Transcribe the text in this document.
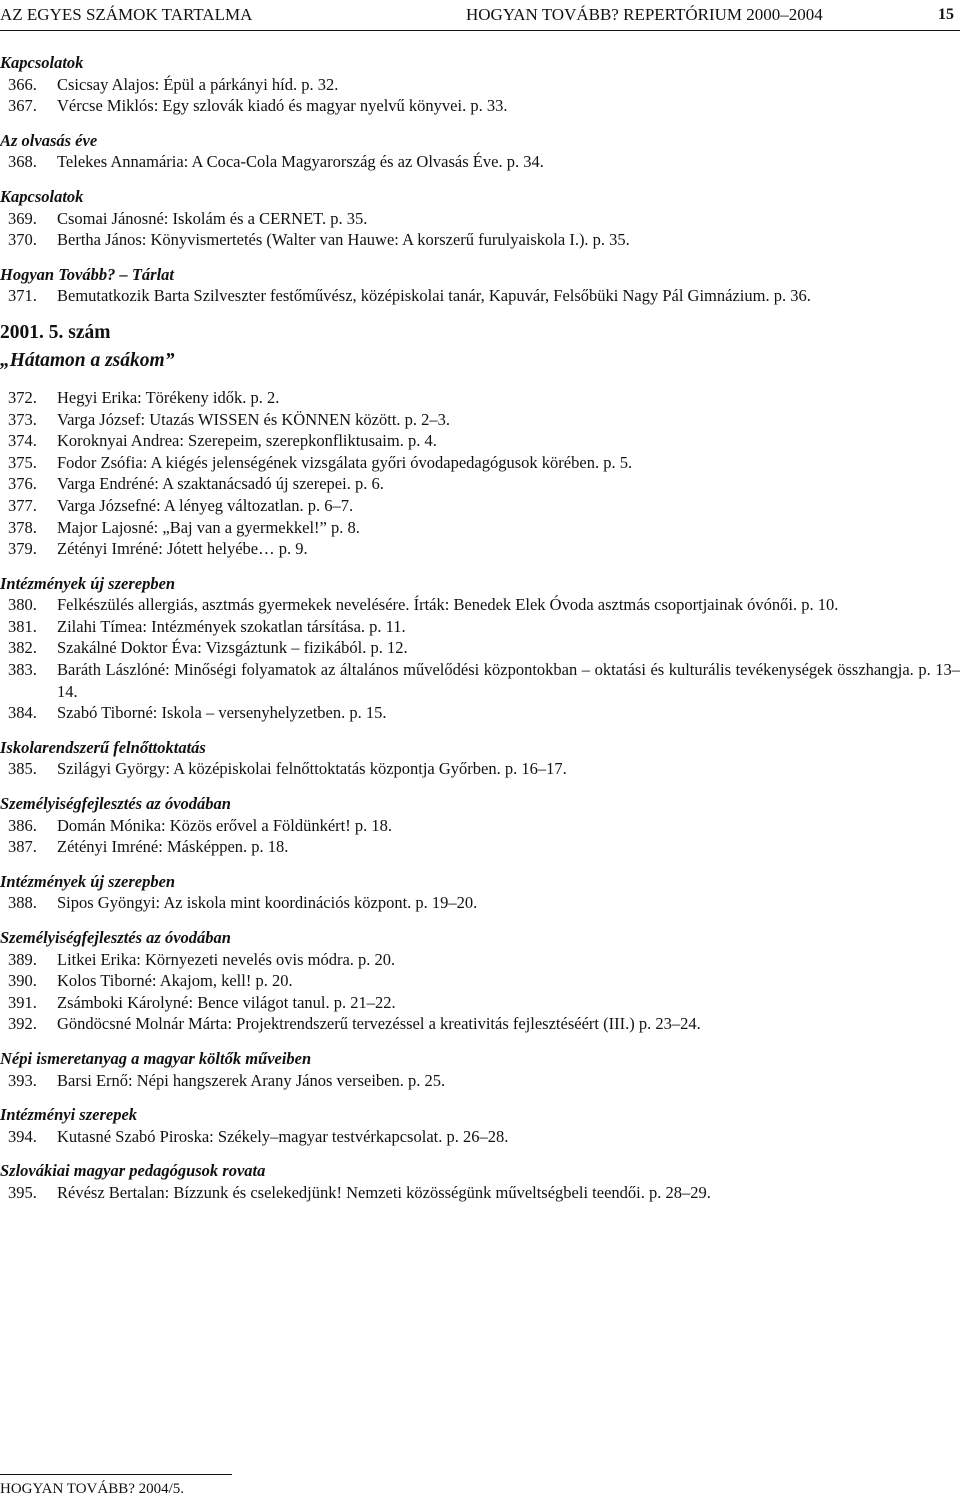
AZ EGYES SZÁMOK TARTALMA	HOGYAN TOVÁBB? REPERTÓRIUM 2000–2004	15
Kapcsolatok
366. Csicsay Alajos: Épül a párkányi híd. p. 32.
367. Vércse Miklós: Egy szlovák kiadó és magyar nyelvű könyvei. p. 33.
Az olvasás éve
368. Telekes Annamária: A Coca-Cola Magyarország és az Olvasás Éve. p. 34.
Kapcsolatok
369. Csomai Jánosné: Iskolám és a CERNET. p. 35.
370. Bertha János: Könyvismertetés (Walter van Hauwe: A korszerű furulyaiskola I.). p. 35.
Hogyan Tovább? – Tárlat
371. Bemutatkozik Barta Szilveszter festőművész, középiskolai tanár, Kapuvár, Felsőbüki Nagy Pál Gimnázium. p. 36.
2001. 5. szám
„Hátamon a zsákom”
372. Hegyi Erika: Törékeny idők. p. 2.
373. Varga József: Utazás WISSEN és KÖNNEN között. p. 2–3.
374. Koroknyai Andrea: Szerepeim, szerepkonfliktusaim. p. 4.
375. Fodor Zsófia: A kiégés jelenségének vizsgálata győri óvodapedagógusok körében. p. 5.
376. Varga Endréné: A szaktanácsadó új szerepei. p. 6.
377. Varga Józsefné: A lényeg változatlan. p. 6–7.
378. Major Lajosné: „Baj van a gyermekkel!” p. 8.
379. Zétényi Imréné: Jótett helyébe… p. 9.
Intézmények új szerepben
380. Felkészülés allergiás, asztmás gyermekek nevelésére. Írták: Benedek Elek Óvoda asztmás csoportjainak óvónői. p. 10.
381. Zilahi Tímea: Intézmények szokatlan társítása. p. 11.
382. Szakálné Doktor Éva: Vizsgáztunk – fizikából. p. 12.
383. Baráth Lászlóné: Minőségi folyamatok az általános művelődési központokban – oktatási és kulturális tevékenységek összhangja. p. 13–14.
384. Szabó Tiborné: Iskola – versenyhelyzetben. p. 15.
Iskolarendszerű felnőttoktatás
385. Szilágyi György: A középiskolai felnőttoktatás központja Győrben. p. 16–17.
Személyiségfejlesztés az óvodában
386. Domán Mónika: Közös erővel a Földünkért! p. 18.
387. Zétényi Imréné: Másképpen. p. 18.
Intézmények új szerepben
388. Sipos Gyöngyi: Az iskola mint koordinációs központ. p. 19–20.
Személyiségfejlesztés az óvodában
389. Litkei Erika: Környezeti nevelés ovis módra. p. 20.
390. Kolos Tiborné: Akajom, kell! p. 20.
391. Zsámboki Károlyné: Bence világot tanul. p. 21–22.
392. Göndöcsné Molnár Márta: Projektrendszerű tervezéssel a kreativitás fejlesztéséért (III.) p. 23–24.
Népi ismeretanyag a magyar költők műveiben
393. Barsi Ernő: Népi hangszerek Arany János verseiben. p. 25.
Intézményi szerepek
394. Kutasné Szabó Piroska: Székely–magyar testvérkapcsolat. p. 26–28.
Szlovákiai magyar pedagógusok rovata
395. Révész Bertalan: Bízzunk és cselekedjünk! Nemzeti közösségünk műveltségbeli teendői. p. 28–29.
HOGYAN TOVÁBB? 2004/5.
